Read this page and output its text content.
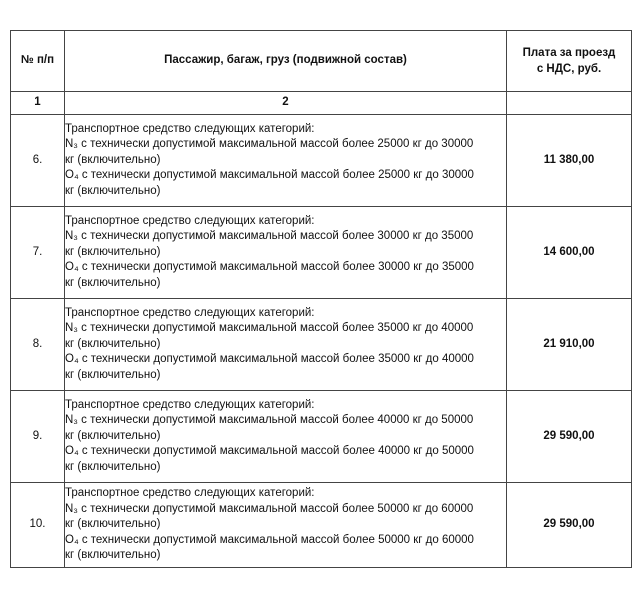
№ п/п	Пассажир, багаж, груз (подвижной состав)	Плата за проезд
с НДС, руб.

1	2	
6.	Транспортное средство следующих категорий:
N₃ с технически допустимой максимальной массой более 25000 кг до 30000
кг (включительно)
O₄ с технически допустимой максимальной массой более 25000 кг до 30000
кг (включительно)	11 380,00
7.	Транспортное средство следующих категорий:
N₃ с технически допустимой максимальной массой более 30000 кг до 35000
кг (включительно)
O₄ с технически допустимой максимальной массой более 30000 кг до 35000
кг (включительно)	14 600,00
8.	Транспортное средство следующих категорий:
N₃ с технически допустимой максимальной массой более 35000 кг до 40000
кг (включительно)
O₄ с технически допустимой максимальной массой более 35000 кг до 40000
кг (включительно)	21 910,00
9.	Транспортное средство следующих категорий:
N₃ с технически допустимой максимальной массой более 40000 кг до 50000
кг (включительно)
O₄ с технически допустимой максимальной массой более 40000 кг до 50000
кг (включительно)	29 590,00
10.	Транспортное средство следующих категорий:
N₃ с технически допустимой максимальной массой более 50000 кг до 60000
кг (включительно)
O₄ с технически допустимой максимальной массой более 50000 кг до 60000
кг (включительно)	29 590,00
